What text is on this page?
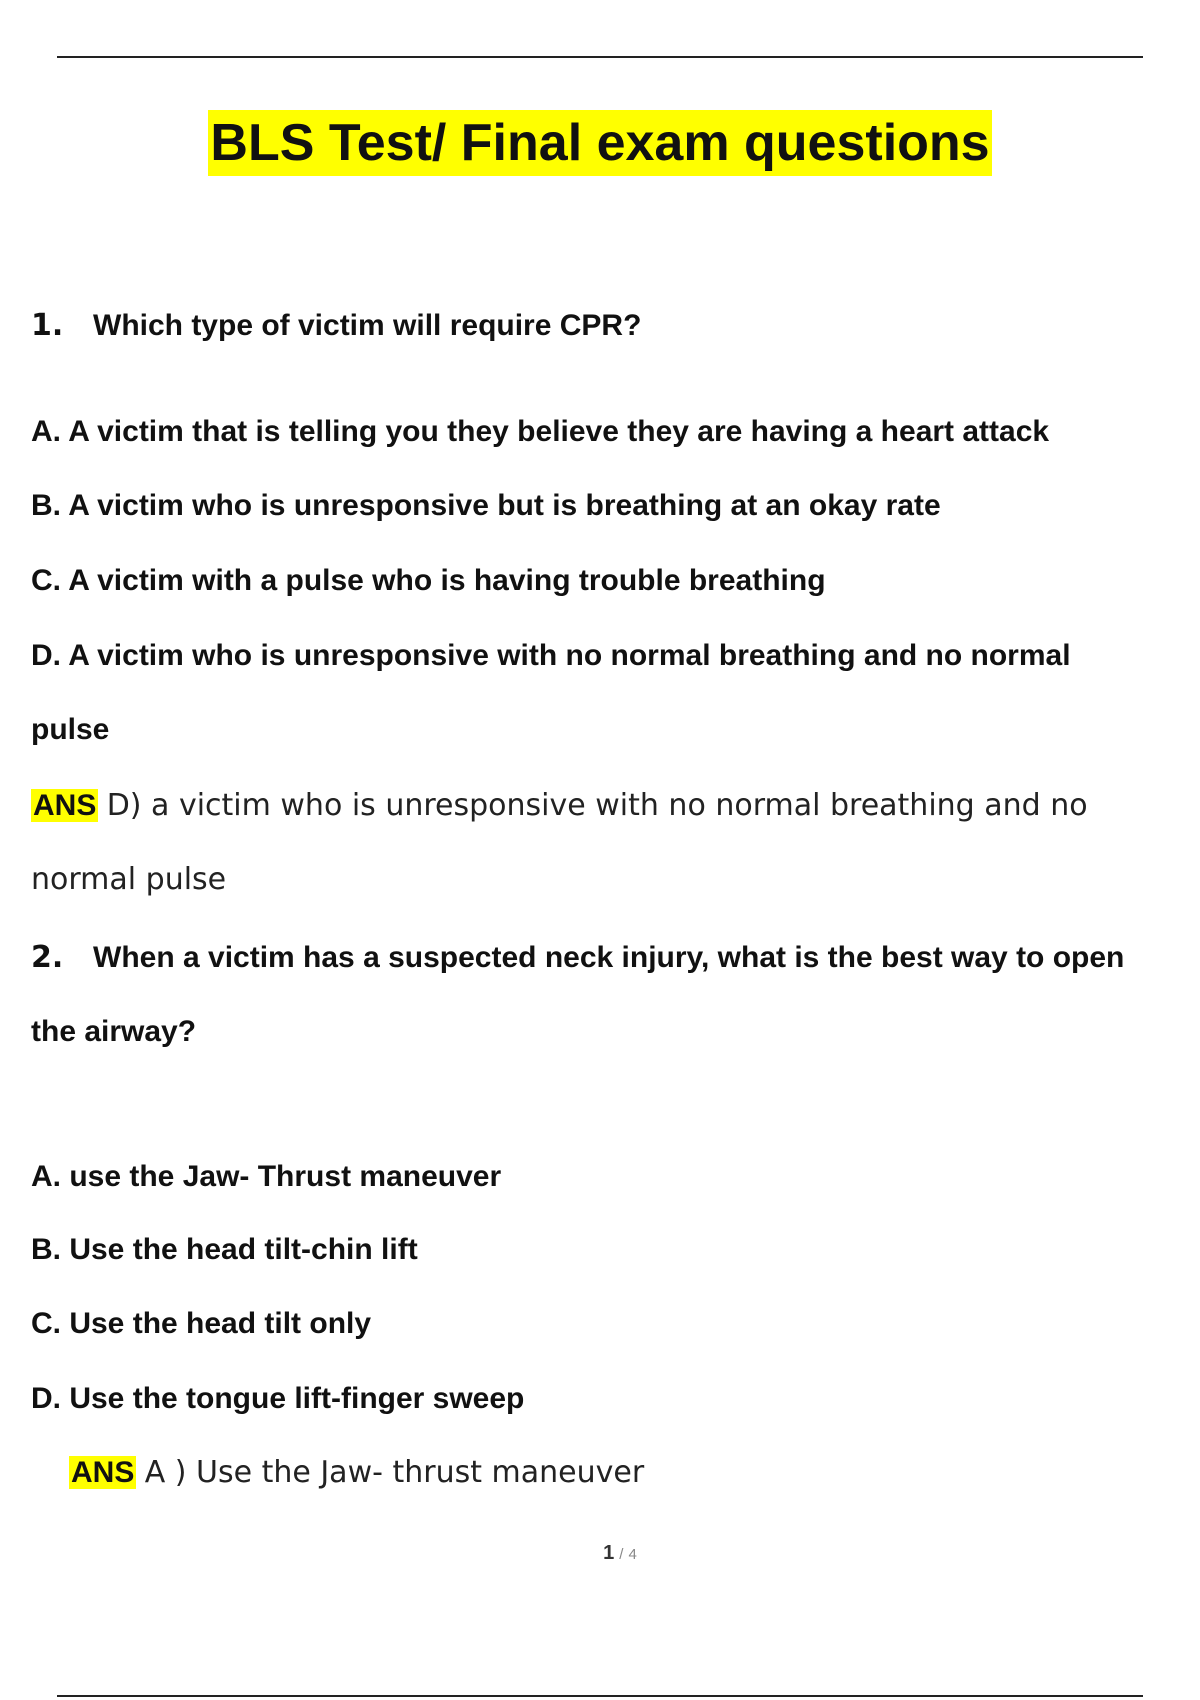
BLS Test/ Final exam questions
1. Which type of victim will require CPR?
A. A victim that is telling you they believe they are having a heart attack
B. A victim who is unresponsive but is breathing at an okay rate
C. A victim with a pulse who is having trouble breathing
D. A victim who is unresponsive with no normal breathing and no normal
pulse
ANS D) a victim who is unresponsive with no normal breathing and no
normal pulse
2. When a victim has a suspected neck injury, what is the best way to open
the airway?
A. use the Jaw- Thrust maneuver
B. Use the head tilt-chin lift
C. Use the head tilt only
D. Use the tongue lift-finger sweep
ANS A ) Use the Jaw- thrust maneuver
1 / 4
